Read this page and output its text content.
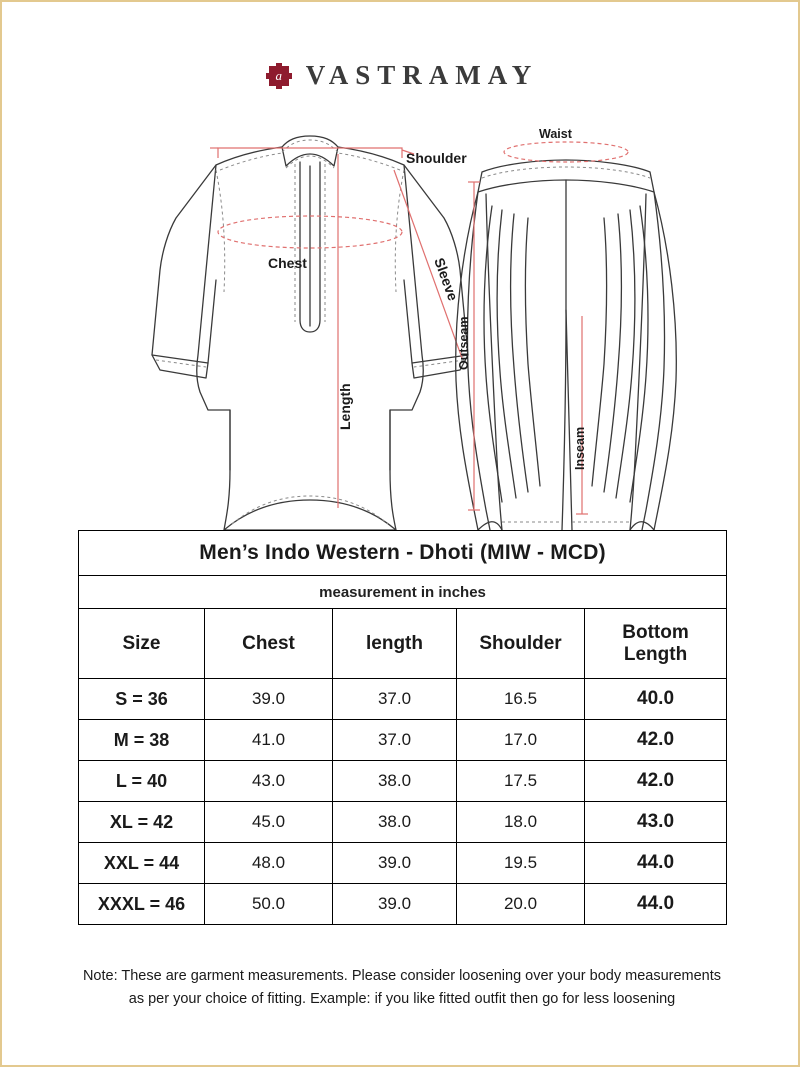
a VASTRAMAY
Shoulder
Chest	Sleeve
Length
Waist
Outseam
Inseam
Men’s Indo Western - Dhoti (MIW - MCD)				
measurement in inches				
Size	Chest	length	Shoulder	Bottom
Length

S = 36	39.0	37.0	16.5	40.0
M = 38	41.0	37.0	17.0	42.0
L = 40	43.0	38.0	17.5	42.0
XL = 42	45.0	38.0	18.0	43.0
XXL = 44	48.0	39.0	19.5	44.0
XXXL = 46	50.0	39.0	20.0	44.0
Note: These are garment measurements. Please consider loosening over your body measurements
as per your choice of fitting. Example: if you like fitted outfit then go for less loosening
